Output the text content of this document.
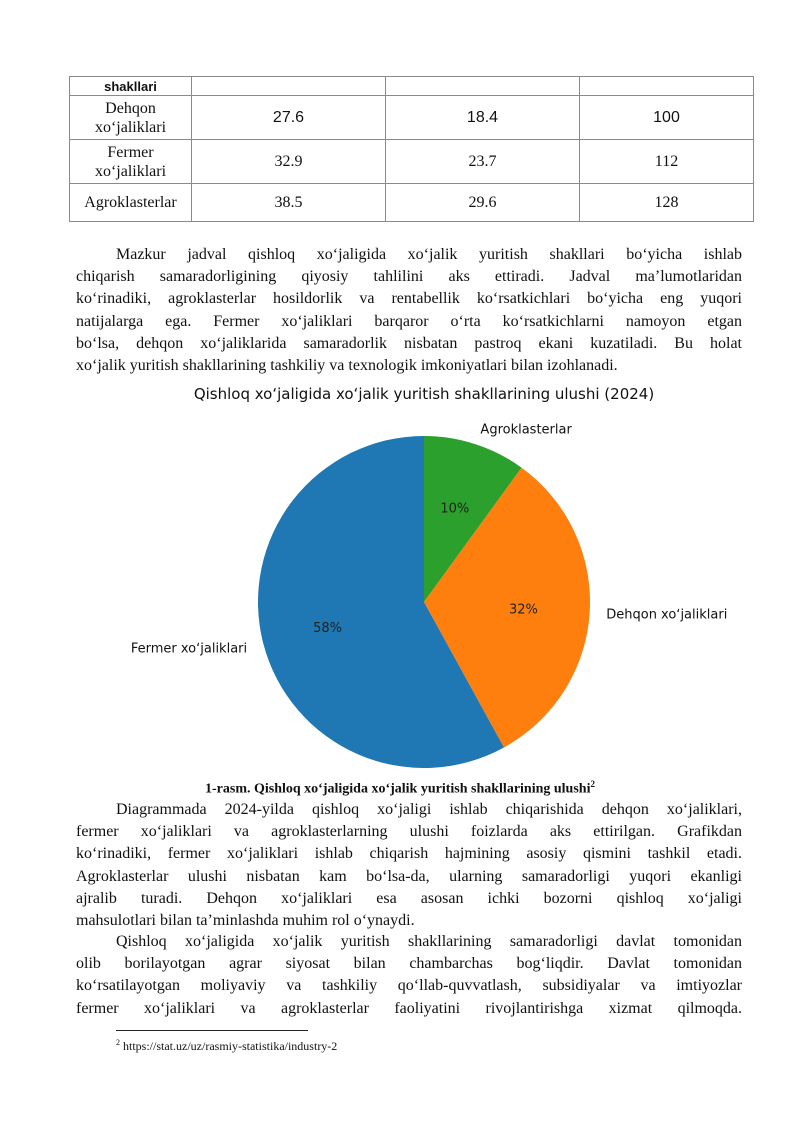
shakllari			
Dehqon
xo‘jaliklari	27.6	18.4	100
Fermer
xo‘jaliklari	32.9	23.7	112
Agroklasterlar	38.5	29.6	128
Mazkur jadval qishloq xo‘jaligida xo‘jalik yuritish shakllari bo‘yicha ishlab
chiqarish samaradorligining qiyosiy tahlilini aks ettiradi. Jadval ma’lumotlaridan
ko‘rinadiki, agroklasterlar hosildorlik va rentabellik ko‘rsatkichlari bo‘yicha eng yuqori
natijalarga ega. Fermer xo‘jaliklari barqaror o‘rta ko‘rsatkichlarni namoyon etgan
bo‘lsa, dehqon xo‘jaliklarida samaradorlik nisbatan pastroq ekani kuzatiladi. Bu holat
xo‘jalik yuritish shakllarining tashkiliy va texnologik imkoniyatlari bilan izohlanadi.
Qishloq xoʻjaligida xoʻjalik yuritish shakllarining ulushi (2024)
10%
Agroklasterlar
32%	Dehqon xoʻjaliklari
58%
Fermer xoʻjaliklari
1-rasm. Qishloq xo‘jaligida xo‘jalik yuritish shakllarining ulushi$^2$
Diagrammada 2024-yilda qishloq xo‘jaligi ishlab chiqarishida dehqon xo‘jaliklari,
fermer xo‘jaliklari va agroklasterlarning ulushi foizlarda aks ettirilgan. Grafikdan
ko‘rinadiki, fermer xo‘jaliklari ishlab chiqarish hajmining asosiy qismini tashkil etadi.
Agroklasterlar ulushi nisbatan kam bo‘lsa-da, ularning samaradorligi yuqori ekanligi
ajralib turadi. Dehqon xo‘jaliklari esa asosan ichki bozorni qishloq xo‘jaligi
mahsulotlari bilan ta’minlashda muhim rol o‘ynaydi.
Qishloq xo‘jaligida xo‘jalik yuritish shakllarining samaradorligi davlat tomonidan
olib borilayotgan agrar siyosat bilan chambarchas bog‘liqdir. Davlat tomonidan
ko‘rsatilayotgan moliyaviy va tashkiliy qo‘llab-quvvatlash, subsidiyalar va imtiyozlar
fermer xo‘jaliklari va agroklasterlar faoliyatini rivojlantirishga xizmat qilmoqda.
$^2$ https://stat.uz/uz/rasmiy-statistika/industry-2
